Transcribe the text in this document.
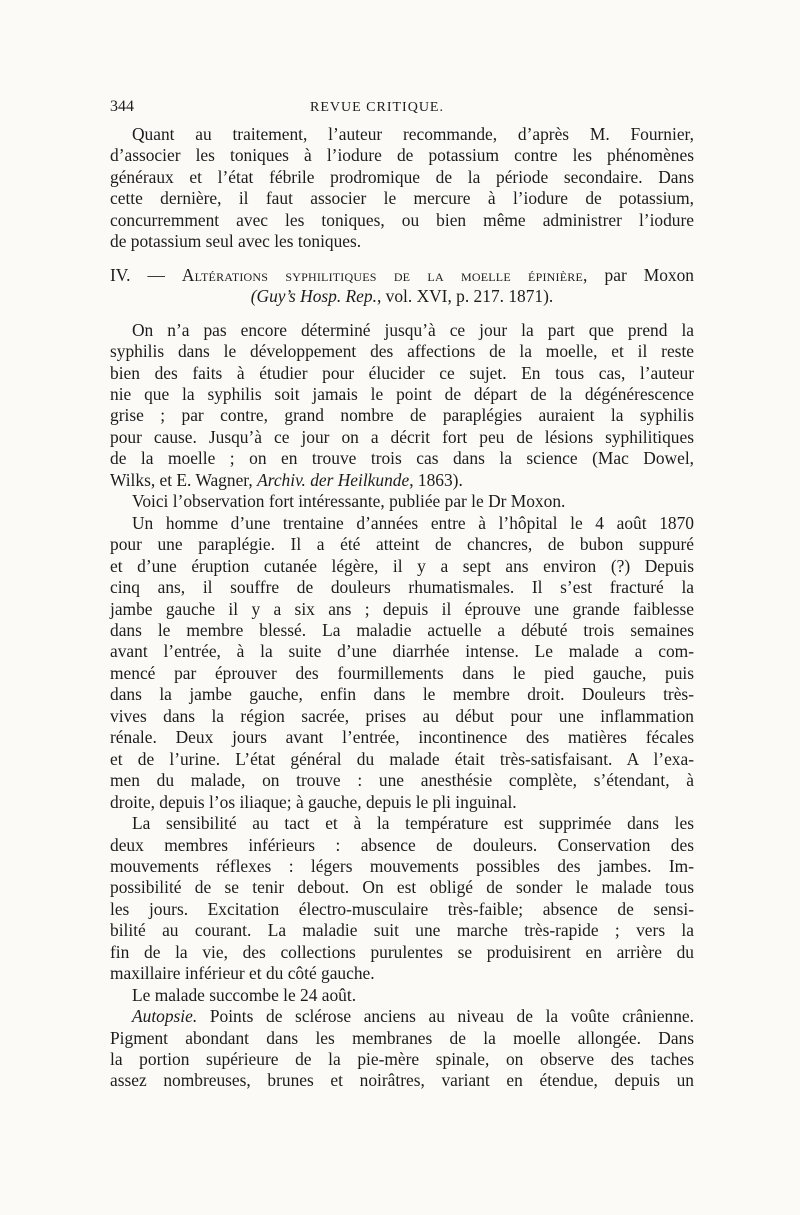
344	REVUE CRITIQUE.
Quant au traitement, l’auteur recommande, d’après M. Fournier,
d’associer les toniques à l’iodure de potassium contre les phénomènes
généraux et l’état fébrile prodromique de la période secondaire. Dans
cette dernière, il faut associer le mercure à l’iodure de potassium,
concurremment avec les toniques, ou bien même administrer l’iodure
de potassium seul avec les toniques.
IV. — Altérations syphilitiques de la moelle épinière, par Moxon
(Guy’s Hosp. Rep., vol. XVI, p. 217. 1871).
On n’a pas encore déterminé jusqu’à ce jour la part que prend la
syphilis dans le développement des affections de la moelle, et il reste
bien des faits à étudier pour élucider ce sujet. En tous cas, l’auteur
nie que la syphilis soit jamais le point de départ de la dégénérescence
grise ; par contre, grand nombre de paraplégies auraient la syphilis
pour cause. Jusqu’à ce jour on a décrit fort peu de lésions syphilitiques
de la moelle ; on en trouve trois cas dans la science (Mac Dowel,
Wilks, et E. Wagner, Archiv. der Heilkunde, 1863).
Voici l’observation fort intéressante, publiée par le Dr Moxon.
Un homme d’une trentaine d’années entre à l’hôpital le 4 août 1870
pour une paraplégie. Il a été atteint de chancres, de bubon suppuré
et d’une éruption cutanée légère, il y a sept ans environ (?) Depuis
cinq ans, il souffre de douleurs rhumatismales. Il s’est fracturé la
jambe gauche il y a six ans ; depuis il éprouve une grande faiblesse
dans le membre blessé. La maladie actuelle a débuté trois semaines
avant l’entrée, à la suite d’une diarrhée intense. Le malade a com-
mencé par éprouver des fourmillements dans le pied gauche, puis
dans la jambe gauche, enfin dans le membre droit. Douleurs très-
vives dans la région sacrée, prises au début pour une inflammation
rénale. Deux jours avant l’entrée, incontinence des matières fécales
et de l’urine. L’état général du malade était très-satisfaisant. A l’exa-
men du malade, on trouve : une anesthésie complète, s’étendant, à
droite, depuis l’os iliaque; à gauche, depuis le pli inguinal.
La sensibilité au tact et à la température est supprimée dans les
deux membres inférieurs : absence de douleurs. Conservation des
mouvements réflexes : légers mouvements possibles des jambes. Im-
possibilité de se tenir debout. On est obligé de sonder le malade tous
les jours. Excitation électro-musculaire très-faible; absence de sensi-
bilité au courant. La maladie suit une marche très-rapide ; vers la
fin de la vie, des collections purulentes se produisirent en arrière du
maxillaire inférieur et du côté gauche.
Le malade succombe le 24 août.
Autopsie. Points de sclérose anciens au niveau de la voûte crânienne.
Pigment abondant dans les membranes de la moelle allongée. Dans
la portion supérieure de la pie-mère spinale, on observe des taches
assez nombreuses, brunes et noirâtres, variant en étendue, depuis un
